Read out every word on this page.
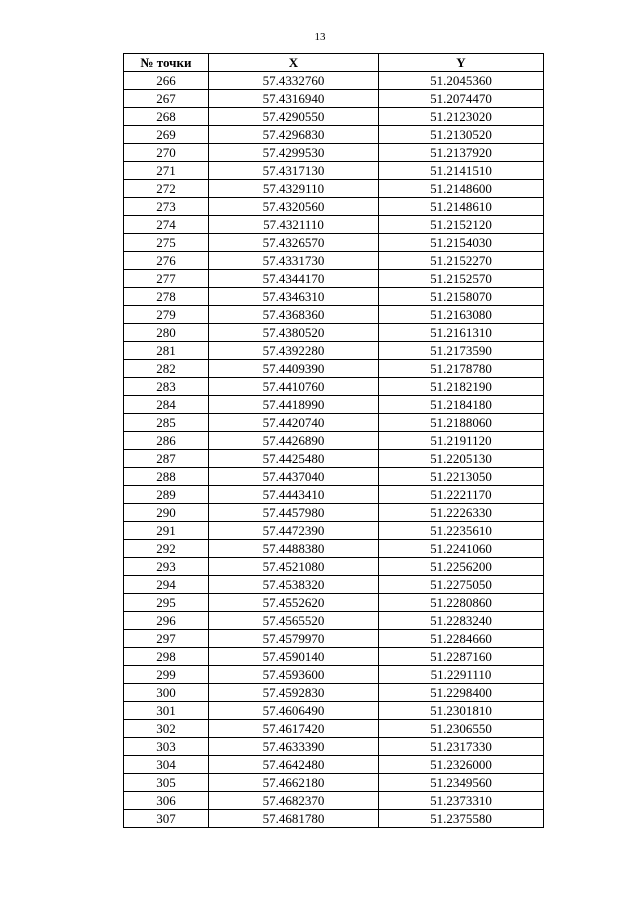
13
№ точки	X	Y
266	57.4332760	51.2045360
267	57.4316940	51.2074470
268	57.4290550	51.2123020
269	57.4296830	51.2130520
270	57.4299530	51.2137920
271	57.4317130	51.2141510
272	57.4329110	51.2148600
273	57.4320560	51.2148610
274	57.4321110	51.2152120
275	57.4326570	51.2154030
276	57.4331730	51.2152270
277	57.4344170	51.2152570
278	57.4346310	51.2158070
279	57.4368360	51.2163080
280	57.4380520	51.2161310
281	57.4392280	51.2173590
282	57.4409390	51.2178780
283	57.4410760	51.2182190
284	57.4418990	51.2184180
285	57.4420740	51.2188060
286	57.4426890	51.2191120
287	57.4425480	51.2205130
288	57.4437040	51.2213050
289	57.4443410	51.2221170
290	57.4457980	51.2226330
291	57.4472390	51.2235610
292	57.4488380	51.2241060
293	57.4521080	51.2256200
294	57.4538320	51.2275050
295	57.4552620	51.2280860
296	57.4565520	51.2283240
297	57.4579970	51.2284660
298	57.4590140	51.2287160
299	57.4593600	51.2291110
300	57.4592830	51.2298400
301	57.4606490	51.2301810
302	57.4617420	51.2306550
303	57.4633390	51.2317330
304	57.4642480	51.2326000
305	57.4662180	51.2349560
306	57.4682370	51.2373310
307	57.4681780	51.2375580
